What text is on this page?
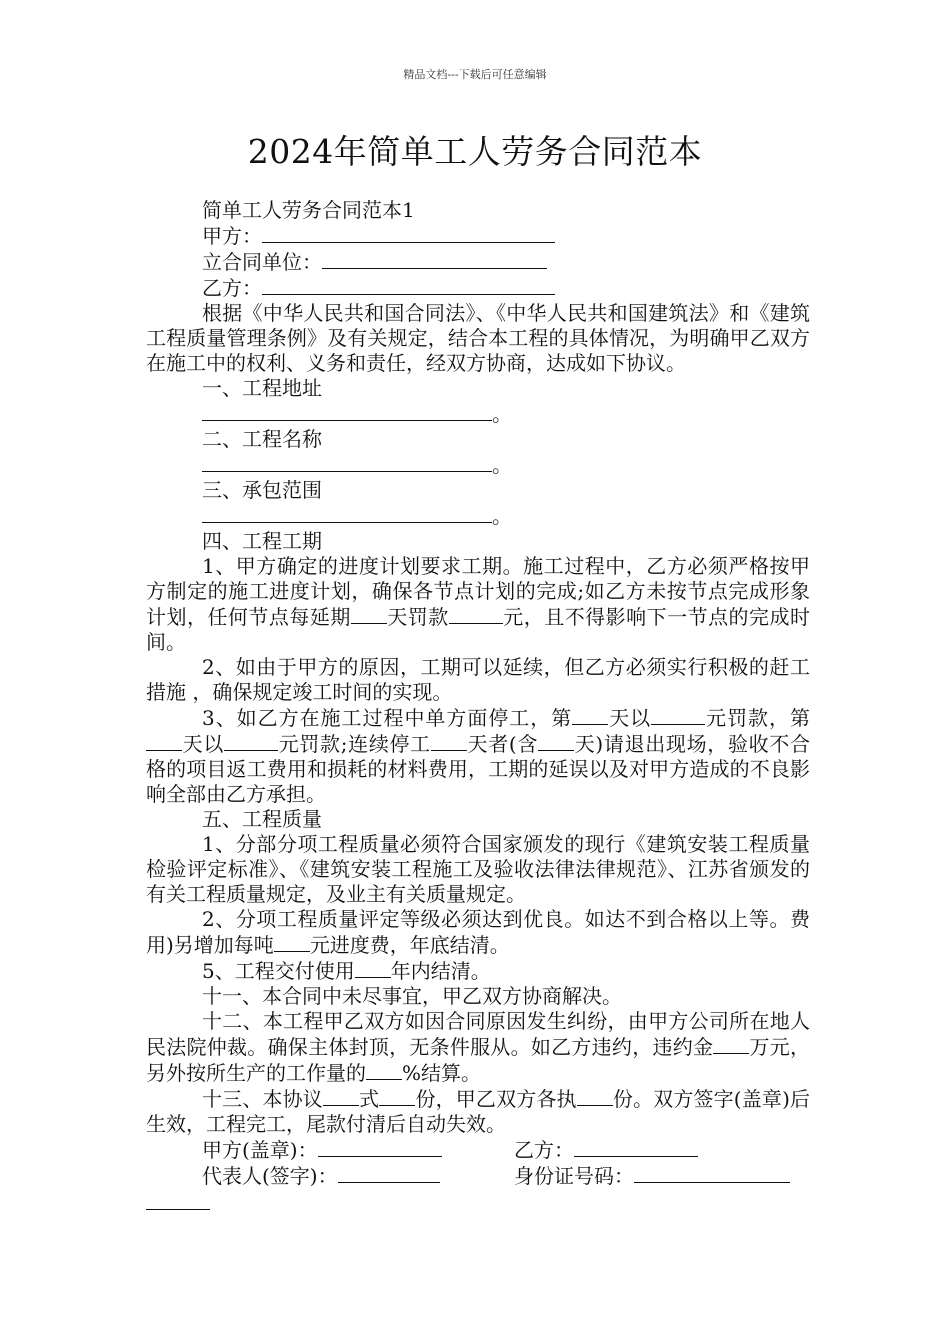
精品文档---下载后可任意编辑
2024年简单工人劳务合同范本

简单工人劳务合同范本1

甲方：

立合同单位：

乙方：

根据《中华人民共和国合同法》、《中华人民共和国建筑法》和《建筑工程质量管理条例》及有关规定，结合本工程的具体情况，为明确甲乙双方在施工中的权利、义务和责任，经双方协商，达成如下协议。

一、工程地址

。

二、工程名称

。

三、承包范围

。

四、工程工期

1、甲方确定的进度计划要求工期。施工过程中，乙方必须严格按甲方制定的施工进度计划，确保各节点计划的完成;如乙方未按节点完成形象计划，任何节点每延期 天罚款	元，且不得影响下一节点的完成时间。

2、如由于甲方的原因，工期可以延续，但乙方必须实行积极的赶工措施 ，确保规定竣工时间的实现。

3、如乙方在施工过程中单方面停工，第 天以	元罚款，第天以	元罚款;连续停工 天者(含 天)请退出现场，验收不合格的项目返工费用和损耗的材料费用，工期的延误以及对甲方造成的不良影响全部由乙方承担。

五、工程质量

1、分部分项工程质量必须符合国家颁发的现行《建筑安装工程质量检验评定标准》、《建筑安装工程施工及验收法律法律规范》、江苏省颁发的有关工程质量规定，及业主有关质量规定。

2、分项工程质量评定等级必须达到优良。如达不到合格以上等。费用)另增加每吨 元进度费，年底结清。

5、工程交付使用 年内结清。

十一、本合同中未尽事宜，甲乙双方协商解决。

十二、本工程甲乙双方如因合同原因发生纠纷，由甲方公司所在地人民法院仲裁。确保主体封顶，无条件服从。如乙方违约，违约金 万元，另外按所生产的工作量的 %结算。

十三、本协议 式 份，甲乙双方各执 份。双方签字(盖章)后生效，工程完工，尾款付清后自动失效。

甲方(盖章)：	乙方：
代表人(签字)：	身份证号码：
